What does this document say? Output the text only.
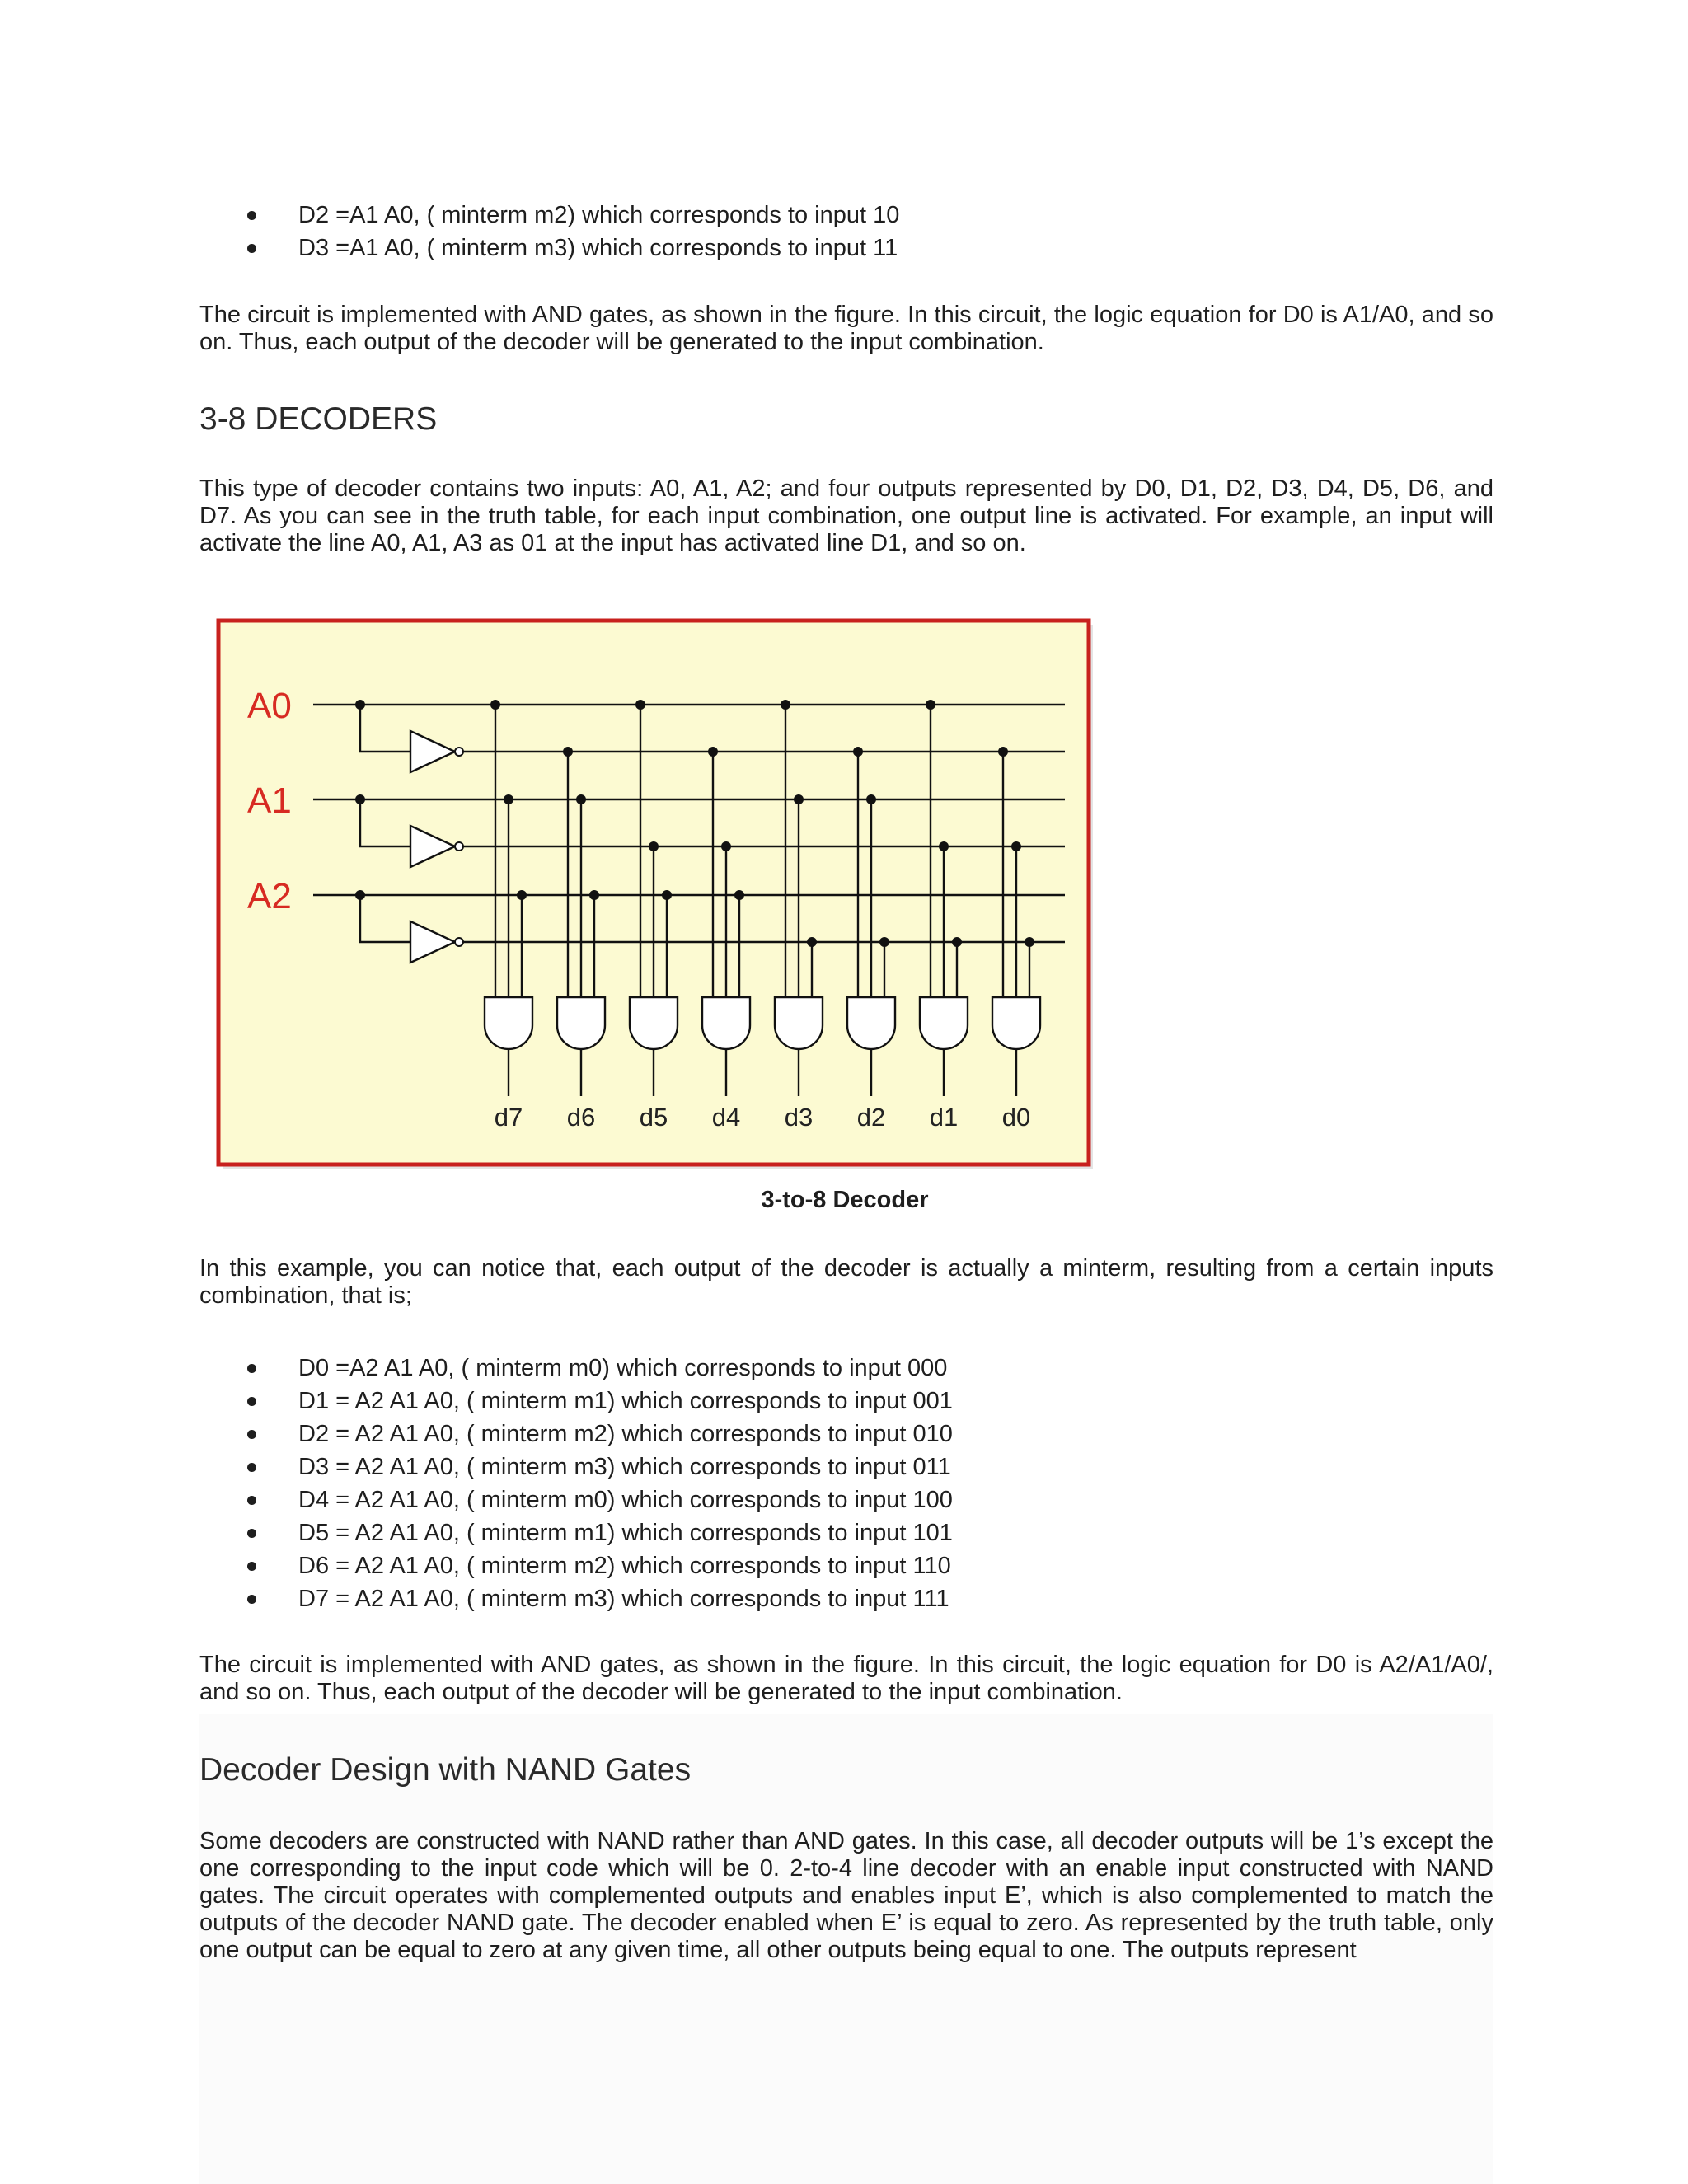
D2 =A1 A0, ( minterm m2) which corresponds to input 10
D3 =A1 A0, ( minterm m3) which corresponds to input 11

The circuit is implemented with AND gates, as shown in the figure. In this circuit, the logic equation for D0 is A1/A0, and so on. Thus, each output of the decoder will be generated to the input combination.

3-8 DECODERS

This type of decoder contains two inputs: A0, A1, A2; and four outputs represented by D0, D1, D2, D3, D4, D5, D6, and D7. As you can see in the truth table, for each input combination, one output line is activated. For example, an input will activate the line A0, A1, A3 as 01 at the input has activated line D1, and so on.

A0
A1
A2
d7 d6 d5 d4 d3 d2 d1 d0
3-to-8 Decoder

In this example, you can notice that, each output of the decoder is actually a minterm, resulting from a certain inputs combination, that is;

D0 =A2 A1 A0, ( minterm m0) which corresponds to input 000
D1 = A2 A1 A0, ( minterm m1) which corresponds to input 001
D2 = A2 A1 A0, ( minterm m2) which corresponds to input 010
D3 = A2 A1 A0, ( minterm m3) which corresponds to input 011
D4 = A2 A1 A0, ( minterm m0) which corresponds to input 100
D5 = A2 A1 A0, ( minterm m1) which corresponds to input 101
D6 = A2 A1 A0, ( minterm m2) which corresponds to input 110
D7 = A2 A1 A0, ( minterm m3) which corresponds to input 111

The circuit is implemented with AND gates, as shown in the figure. In this circuit, the logic equation for D0 is A2/A1/A0/, and so on. Thus, each output of the decoder will be generated to the input combination.

Decoder Design with NAND Gates

Some decoders are constructed with NAND rather than AND gates. In this case, all decoder outputs will be 1’s except the one corresponding to the input code which will be 0. 2-to-4 line decoder with an enable input constructed with NAND gates. The circuit operates with complemented outputs and enables input E’, which is also complemented to match the outputs of the decoder NAND gate. The decoder enabled when E’ is equal to zero. As represented by the truth table, only one output can be equal to zero at any given time, all other outputs being equal to one. The outputs represent
